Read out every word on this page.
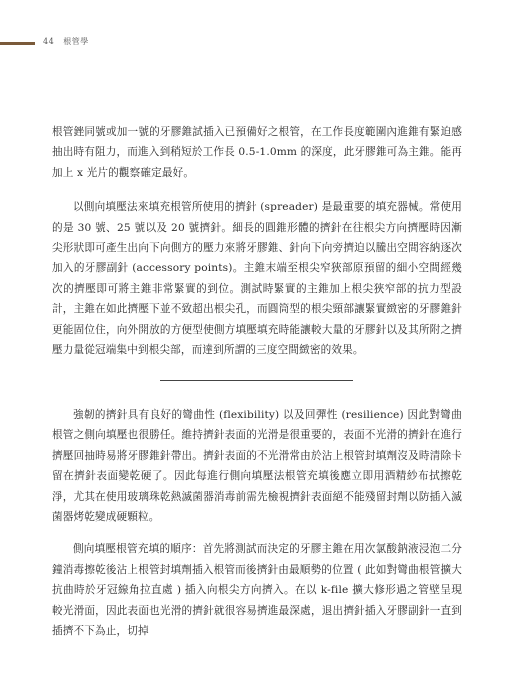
44 根管學

根管銼同號或加一號的牙膠錐試插入已預備好之根管，在工作長度範圍內進錐有緊迫感抽出時有阻力，而進入到稍短於工作長 0.5-1.0mm 的深度，此牙膠錐可為主錐。能再加上 x 光片的觀察確定最好。

以側向填壓法來填充根管所使用的擠針 (spreader) 是最重要的填充器械。常使用的是 30 號、25 號以及 20 號擠針。細長的圓錐形體的擠針在往根尖方向擠壓時因漸尖形狀即可產生出向下向側方的壓力來將牙膠錐、針向下向旁擠迫以騰出空間容納逐次加入的牙膠副針 (accessory points)。主錐末端至根尖窄狹部原預留的細小空間經幾次的擠壓即可將主錐非常緊實的到位。測試時緊實的主錐加上根尖狹窄部的抗力型設計，主錐在如此擠壓下並不致超出根尖孔，而圓筒型的根尖頸部讓緊實緻密的牙膠錐針更能固位住，向外開放的方便型使側方填壓填充時能讓較大量的牙膠針以及其所附之擠壓力量從冠端集中到根尖部，而達到所謂的三度空間緻密的效果。

強韌的擠針具有良好的彎曲性 (flexibility) 以及回彈性 (resilience) 因此對彎曲根管之側向填壓也很勝任。維持擠針表面的光滑是很重要的，表面不光滑的擠針在進行擠壓回抽時易將牙膠錐針帶出。擠針表面的不光滑常由於沾上根管封填劑沒及時清除卡留在擠針表面變乾硬了。因此每進行側向填壓法根管充填後應立即用酒精紗布拭擦乾淨，尤其在使用玻璃珠乾熱滅菌器消毒前需先檢視擠針表面絕不能殘留封劑以防插入滅菌器烤乾變成硬顆粒。

側向填壓根管充填的順序：首先將測試而決定的牙膠主錐在用次氯酸鈉液浸泡二分鐘消毒擦乾後沾上根管封填劑插入根管而後擠針由最順勢的位置 ( 此如對彎曲根管擴大抗曲時於牙冠線角拉直處 ) 插入向根尖方向擠入。在以 k-file 擴大修形過之管壁呈現較光滑面，因此表面也光滑的擠針就很容易擠進最深處，退出擠針插入牙膠副針一直到插擠不下為止，切掉
